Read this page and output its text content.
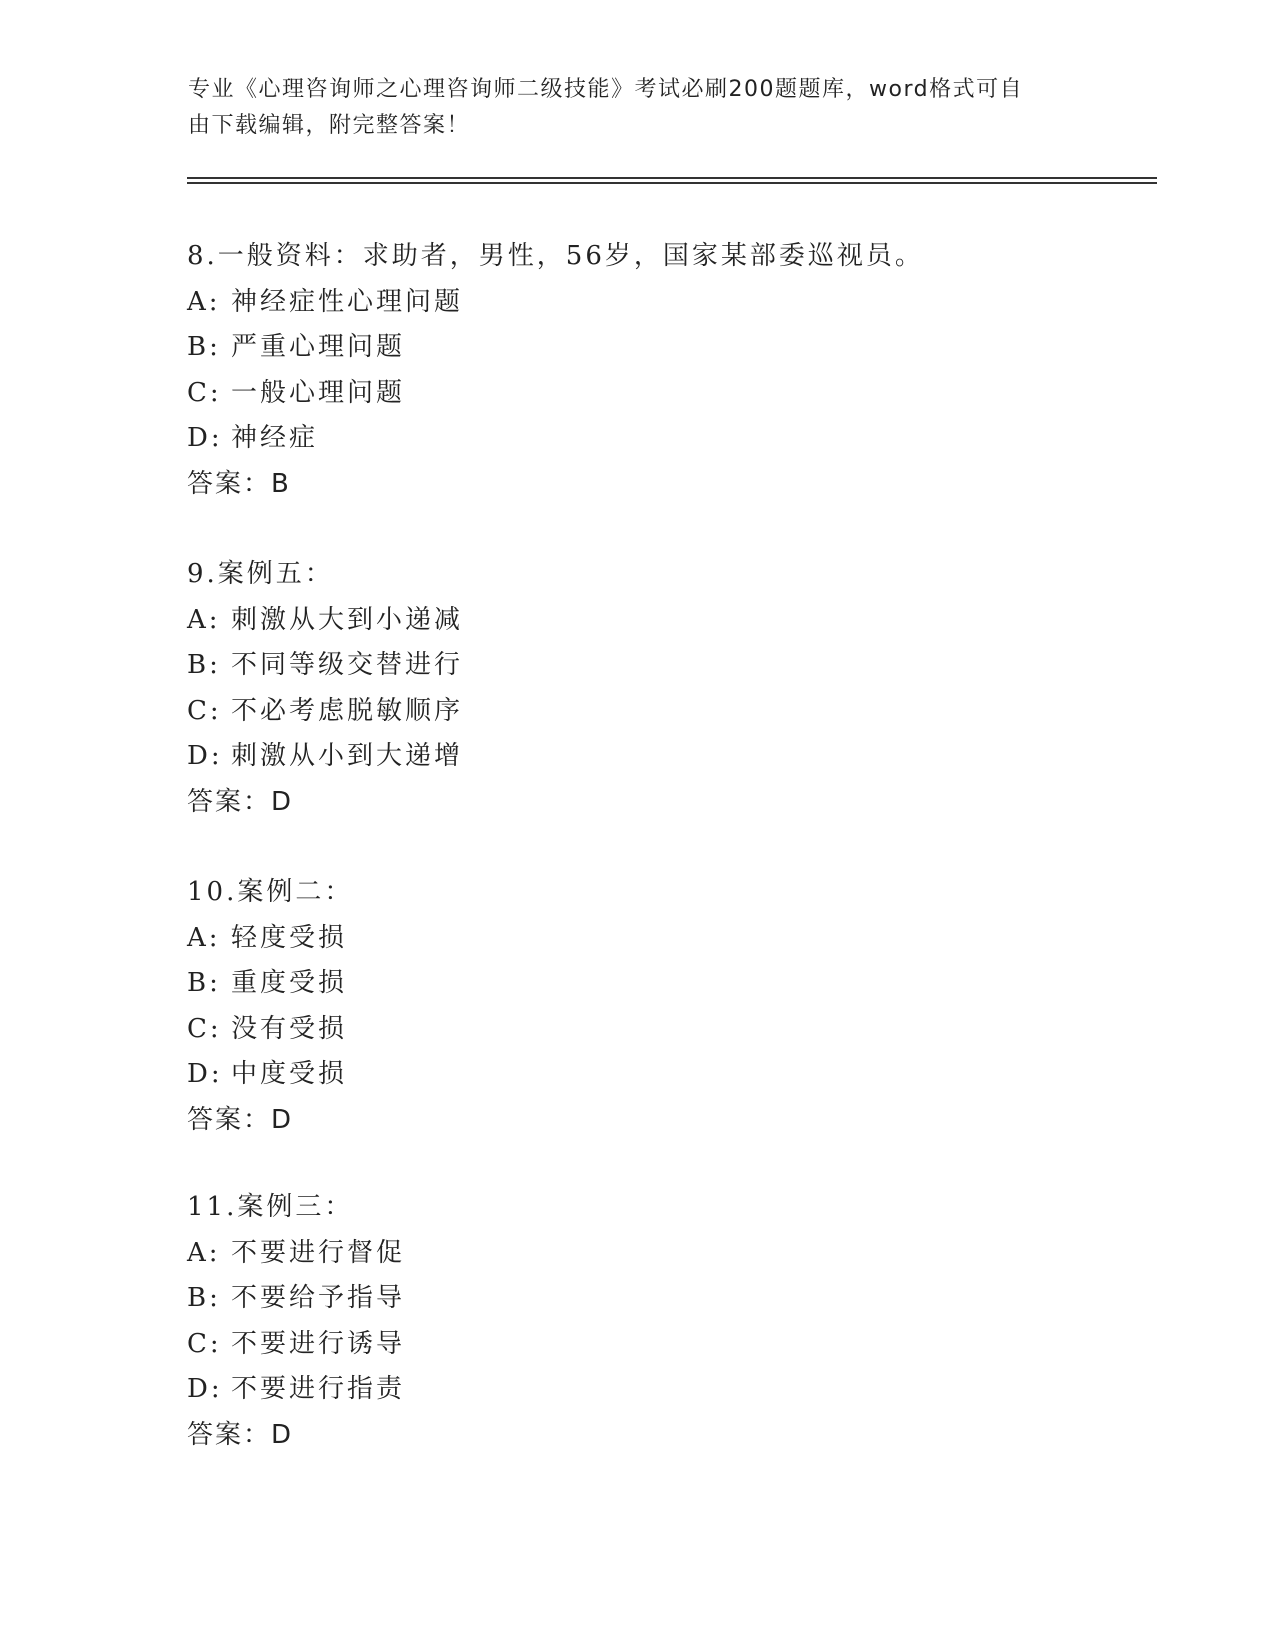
专业《心理咨询师之心理咨询师二级技能》考试必刷200题题库，word格式可自
由下载编辑，附完整答案！
8.一般资料：求助者，男性，56岁，国家某部委巡视员。
A: 神经症性心理问题
B: 严重心理问题
C: 一般心理问题
D: 神经症
答案：B
9.案例五：
A: 刺激从大到小递减
B: 不同等级交替进行
C: 不必考虑脱敏顺序
D: 刺激从小到大递增
答案：D
10.案例二：
A: 轻度受损
B: 重度受损
C: 没有受损
D: 中度受损
答案：D
11.案例三：
A: 不要进行督促
B: 不要给予指导
C: 不要进行诱导
D: 不要进行指责
答案：D
